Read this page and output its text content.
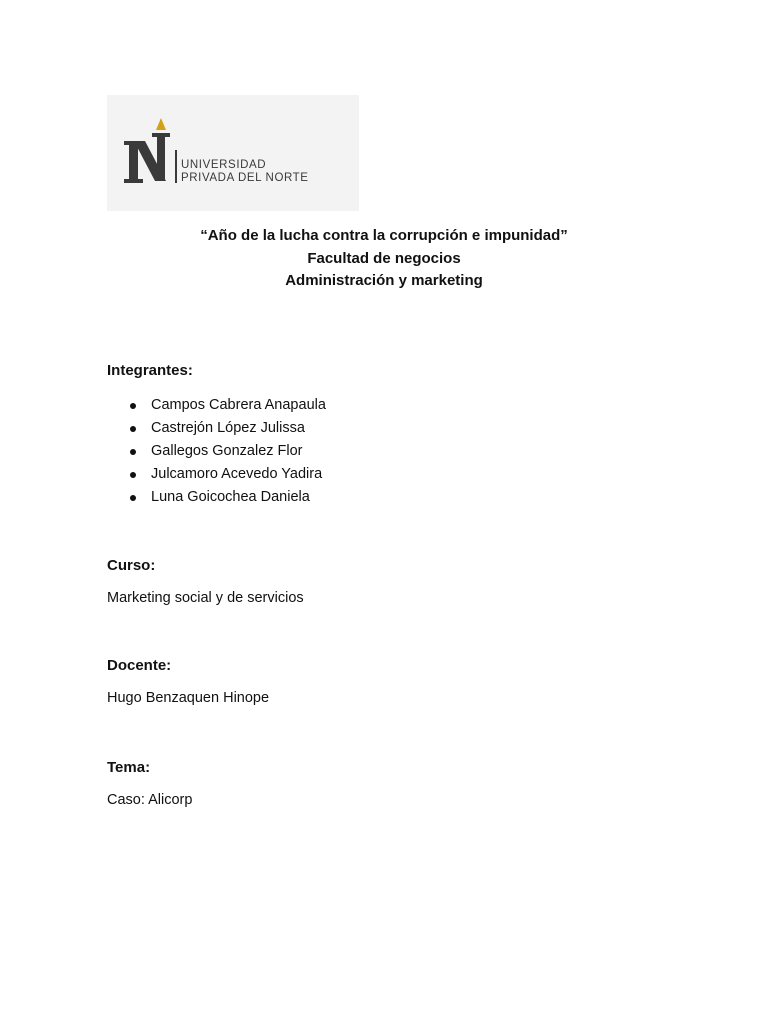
UNIVERSIDAD
PRIVADA DEL NORTE
“Año de la lucha contra la corrupción e impunidad”
Facultad de negocios
Administración y marketing
Integrantes:
Campos Cabrera Anapaula
Castrejón López Julissa
Gallegos Gonzalez Flor
Julcamoro Acevedo Yadira
Luna Goicochea Daniela
Curso:
Marketing social y de servicios
Docente:
Hugo Benzaquen Hinope
Tema:
Caso: Alicorp
